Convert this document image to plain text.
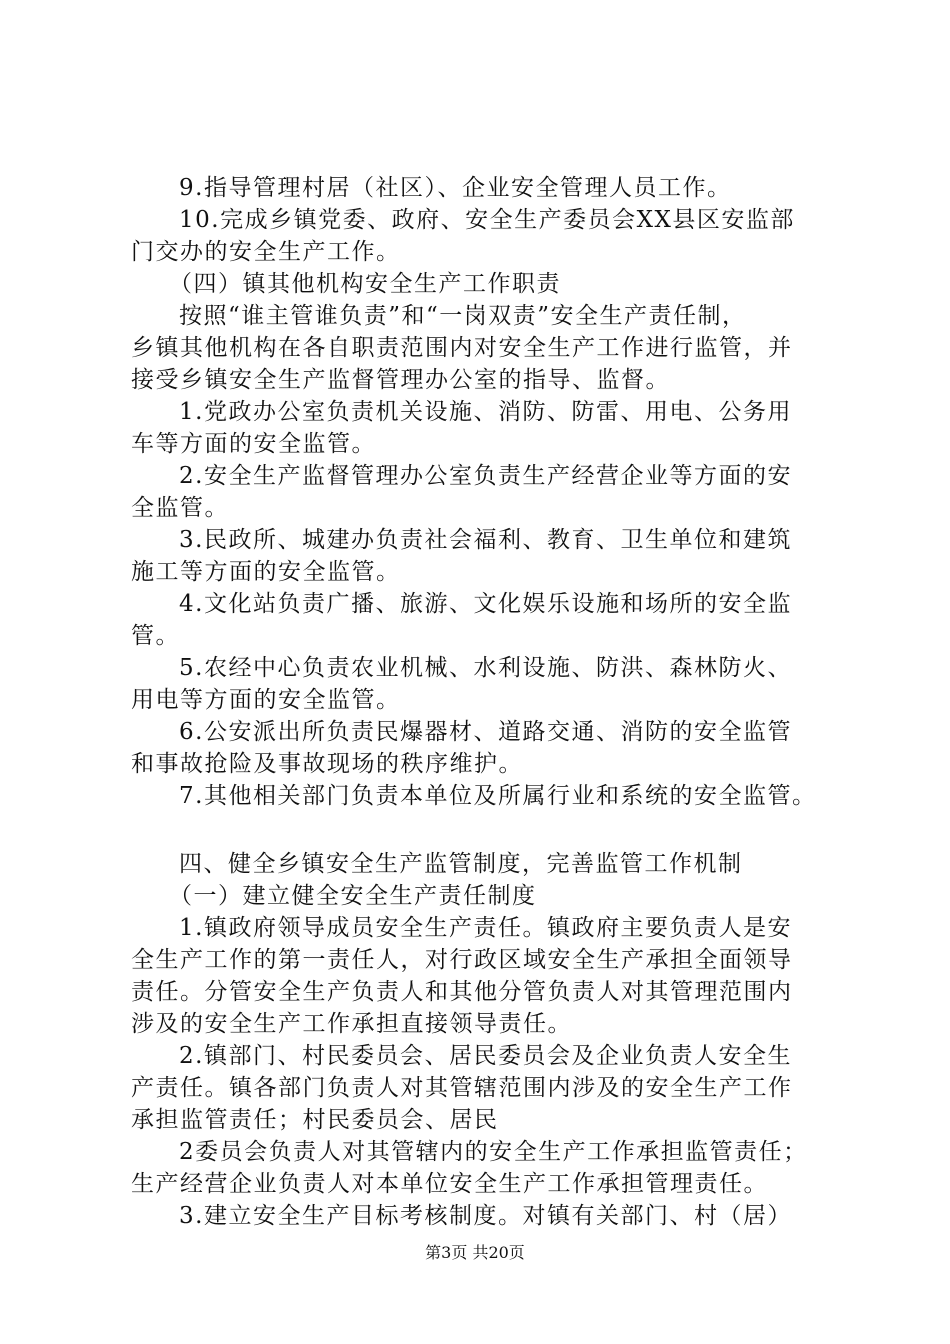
9.指导管理村居（社区）、企业安全管理人员工作。
10.完成乡镇党委、政府、安全生产委员会XX县区安监部
门交办的安全生产工作。
（四）镇其他机构安全生产工作职责
按照“谁主管谁负责”和“一岗双责”安全生产责任制，
乡镇其他机构在各自职责范围内对安全生产工作进行监管，并
接受乡镇安全生产监督管理办公室的指导、监督。
1.党政办公室负责机关设施、消防、防雷、用电、公务用
车等方面的安全监管。
2.安全生产监督管理办公室负责生产经营企业等方面的安
全监管。
3.民政所、城建办负责社会福利、教育、卫生单位和建筑
施工等方面的安全监管。
4.文化站负责广播、旅游、文化娱乐设施和场所的安全监
管。
5.农经中心负责农业机械、水利设施、防洪、森林防火、
用电等方面的安全监管。
6.公安派出所负责民爆器材、道路交通、消防的安全监管
和事故抢险及事故现场的秩序维护。
7.其他相关部门负责本单位及所属行业和系统的安全监管。
四、健全乡镇安全生产监管制度，完善监管工作机制
（一）建立健全安全生产责任制度
1.镇政府领导成员安全生产责任。镇政府主要负责人是安
全生产工作的第一责任人，对行政区域安全生产承担全面领导
责任。分管安全生产负责人和其他分管负责人对其管理范围内
涉及的安全生产工作承担直接领导责任。
2.镇部门、村民委员会、居民委员会及企业负责人安全生
产责任。镇各部门负责人对其管辖范围内涉及的安全生产工作
承担监管责任；村民委员会、居民
2委员会负责人对其管辖内的安全生产工作承担监管责任；
生产经营企业负责人对本单位安全生产工作承担管理责任。
3.建立安全生产目标考核制度。对镇有关部门、村（居）
第3页 共20页
